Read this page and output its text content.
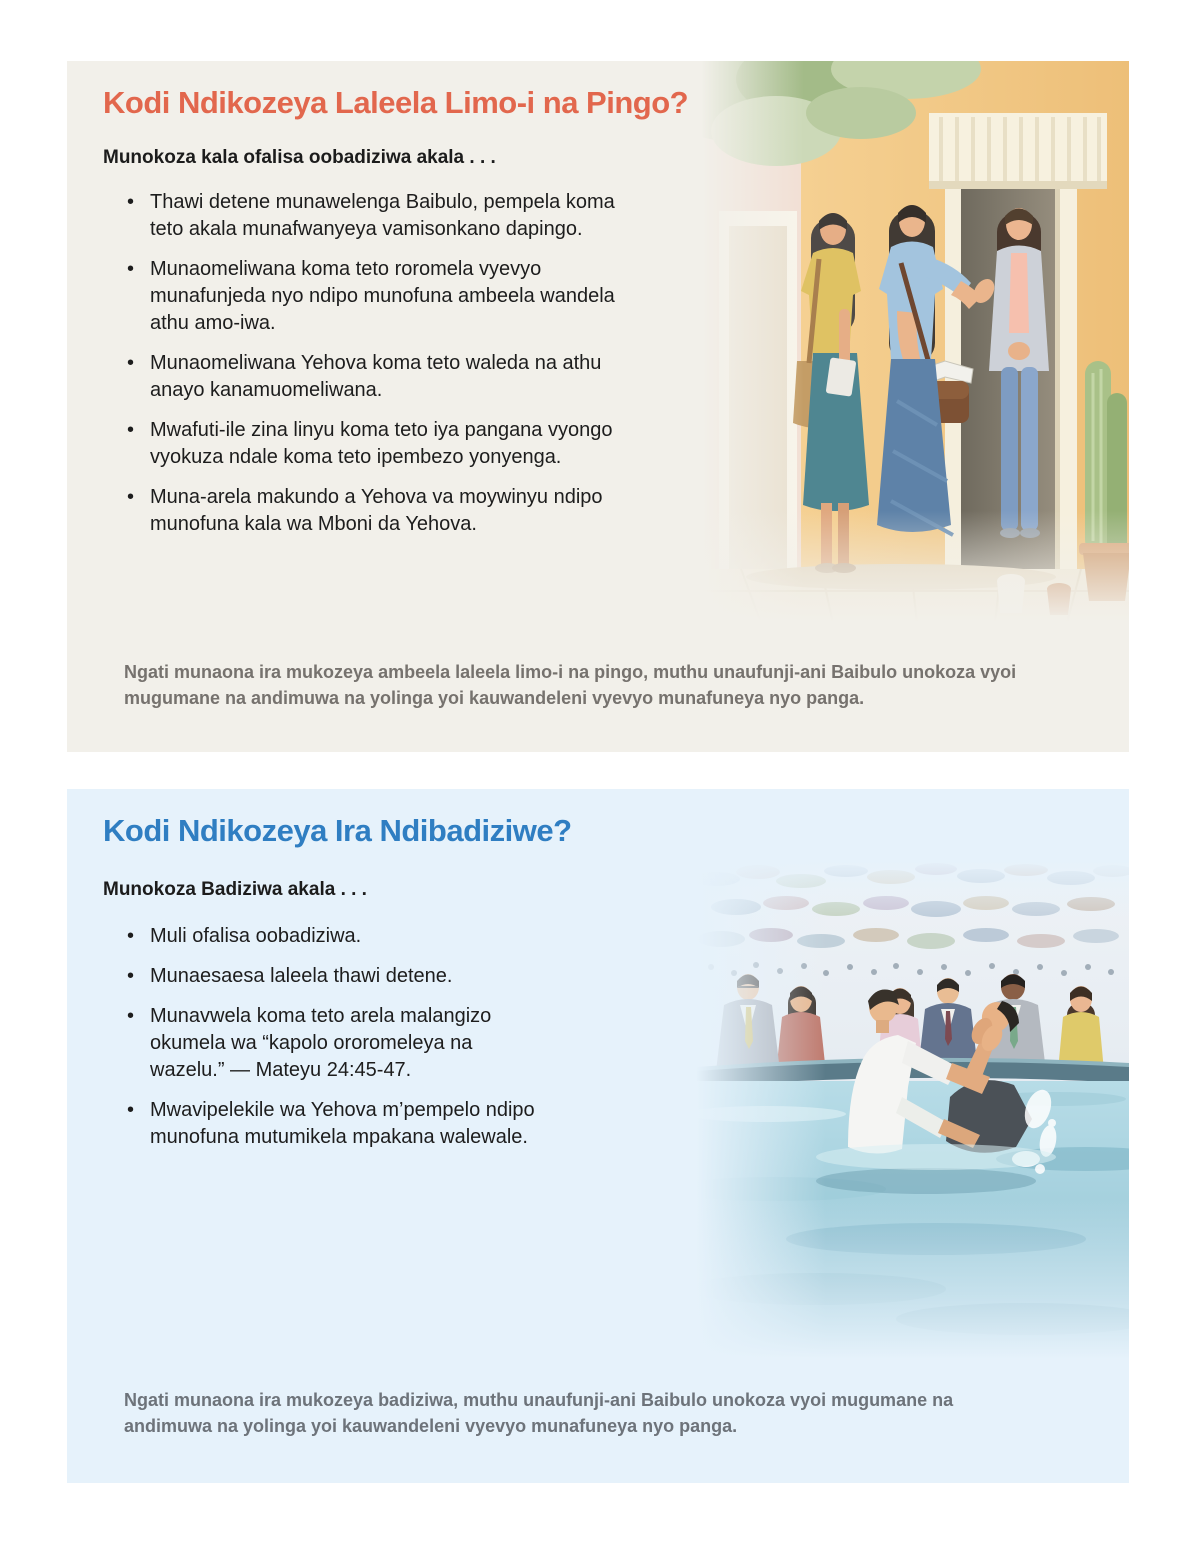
Kodi Ndikozeya Laleela Limo-i na Pingo?
Munokoza kala ofalisa oobadiziwa akala . . .
• Thawi detene munawelenga Baibulo, pempela koma teto akala munafwanyeya vamisonkano dapingo.
• Munaomeliwana koma teto roromela vyevyo munafunjeda nyo ndipo munofuna ambeela wandela athu amo-iwa.
• Munaomeliwana Yehova koma teto waleda na athu anayo kanamuomeliwana.
• Mwafuti-ile zina linyu koma teto iya pangana vyongo vyokuza ndale koma teto ipembezo yonyenga.
• Muna-arela makundo a Yehova va moywinyu ndipo munofuna kala wa Mboni da Yehova.

Ngati munaona ira mukozeya ambeela laleela limo-i na pingo, muthu unaufunji-ani Baibulo unokoza vyoi mugumane na andimuwa na yolinga yoi kauwandeleni vyevyo munafuneya nyo panga.

Kodi Ndikozeya Ira Ndibadiziwe?
Munokoza Badiziwa akala . . .
• Muli ofalisa oobadiziwa.
• Munaesaesa laleela thawi detene.
• Munavwela koma teto arela malangizo okumela wa “kapolo ororomeleya na wazelu.” — Mateyu 24:45-47.
• Mwavipelekile wa Yehova m’pempelo ndipo munofuna mutumikela mpakana walewale.

Ngati munaona ira mukozeya badiziwa, muthu unaufunji-ani Baibulo unokoza vyoi mugumane na andimuwa na yolinga yoi kauwandeleni vyevyo munafuneya nyo panga.
